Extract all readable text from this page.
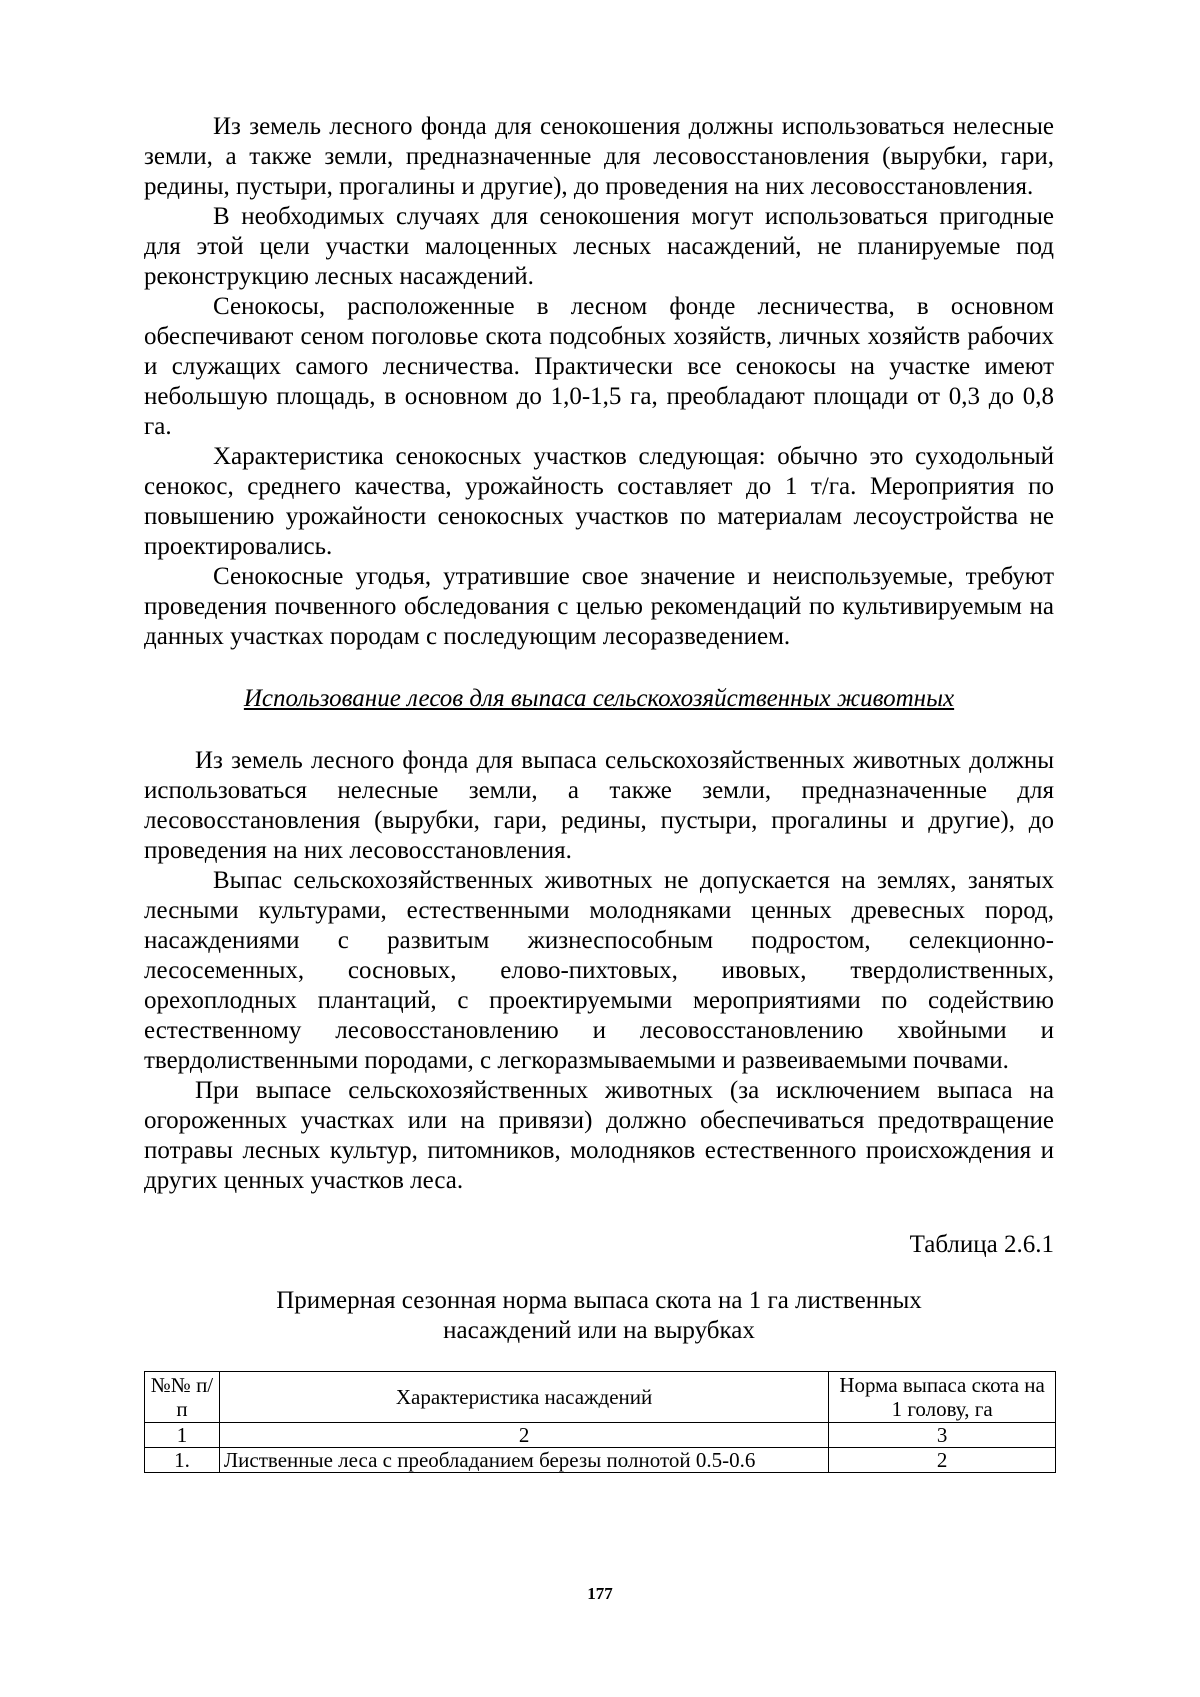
Из земель лесного фонда для сенокошения должны использоваться нелесные земли, а также земли, предназначенные для лесовосстановления (вырубки, гари, редины, пустыри, прогалины и другие), до проведения на них лесовосстановления.

В необходимых случаях для сенокошения могут использоваться пригодные для этой цели участки малоценных лесных насаждений, не планируемые под реконструкцию лесных насаждений.

Сенокосы, расположенные в лесном фонде лесничества, в основном обеспечивают сеном поголовье скота подсобных хозяйств, личных хозяйств рабочих и служащих самого лесничества. Практически все сенокосы на участке имеют небольшую площадь, в основном до 1,0-1,5 га, преобладают площади от 0,3 до 0,8 га.

Характеристика сенокосных участков следующая: обычно это суходольный сенокос, среднего качества, урожайность составляет до 1 т/га. Мероприятия по повышению урожайности сенокосных участков по материалам лесоустройства не проектировались.

Сенокосные угодья, утратившие свое значение и неиспользуемые, требуют проведения почвенного обследования с целью рекомендаций по культивируемым на данных участках породам с последующим лесоразведением.

Использование лесов для выпаса сельскохозяйственных животных

Из земель лесного фонда для выпаса сельскохозяйственных животных должны использоваться нелесные земли, а также земли, предназначенные для лесовосстановления (вырубки, гари, редины, пустыри, прогалины и другие), до проведения на них лесовосстановления.

Выпас сельскохозяйственных животных не допускается на землях, занятых лесными культурами, естественными молодняками ценных древесных пород, насаждениями с развитым жизнеспособным подростом, селекционно-лесосеменных, сосновых, елово-пихтовых, ивовых, твердолиственных, орехоплодных плантаций, с проектируемыми мероприятиями по содействию естественному лесовосстановлению и лесовосстановлению хвойными и твердолиственными породами, с легкоразмываемыми и развеиваемыми почвами.

При выпасе сельскохозяйственных животных (за исключением выпаса на огороженных участках или на привязи) должно обеспечиваться предотвращение потравы лесных культур, питомников, молодняков естественного происхождения и других ценных участков леса.

Таблица 2.6.1
Примерная сезонная норма выпаса скота на 1 га лиственных
насаждений или на вырубках
№№ п/п	Характеристика насаждений	Норма выпаса скота на 1 голову, га
1	2	3
1.	Лиственные леса с преобладанием березы полнотой 0.5-0.6	2
177
